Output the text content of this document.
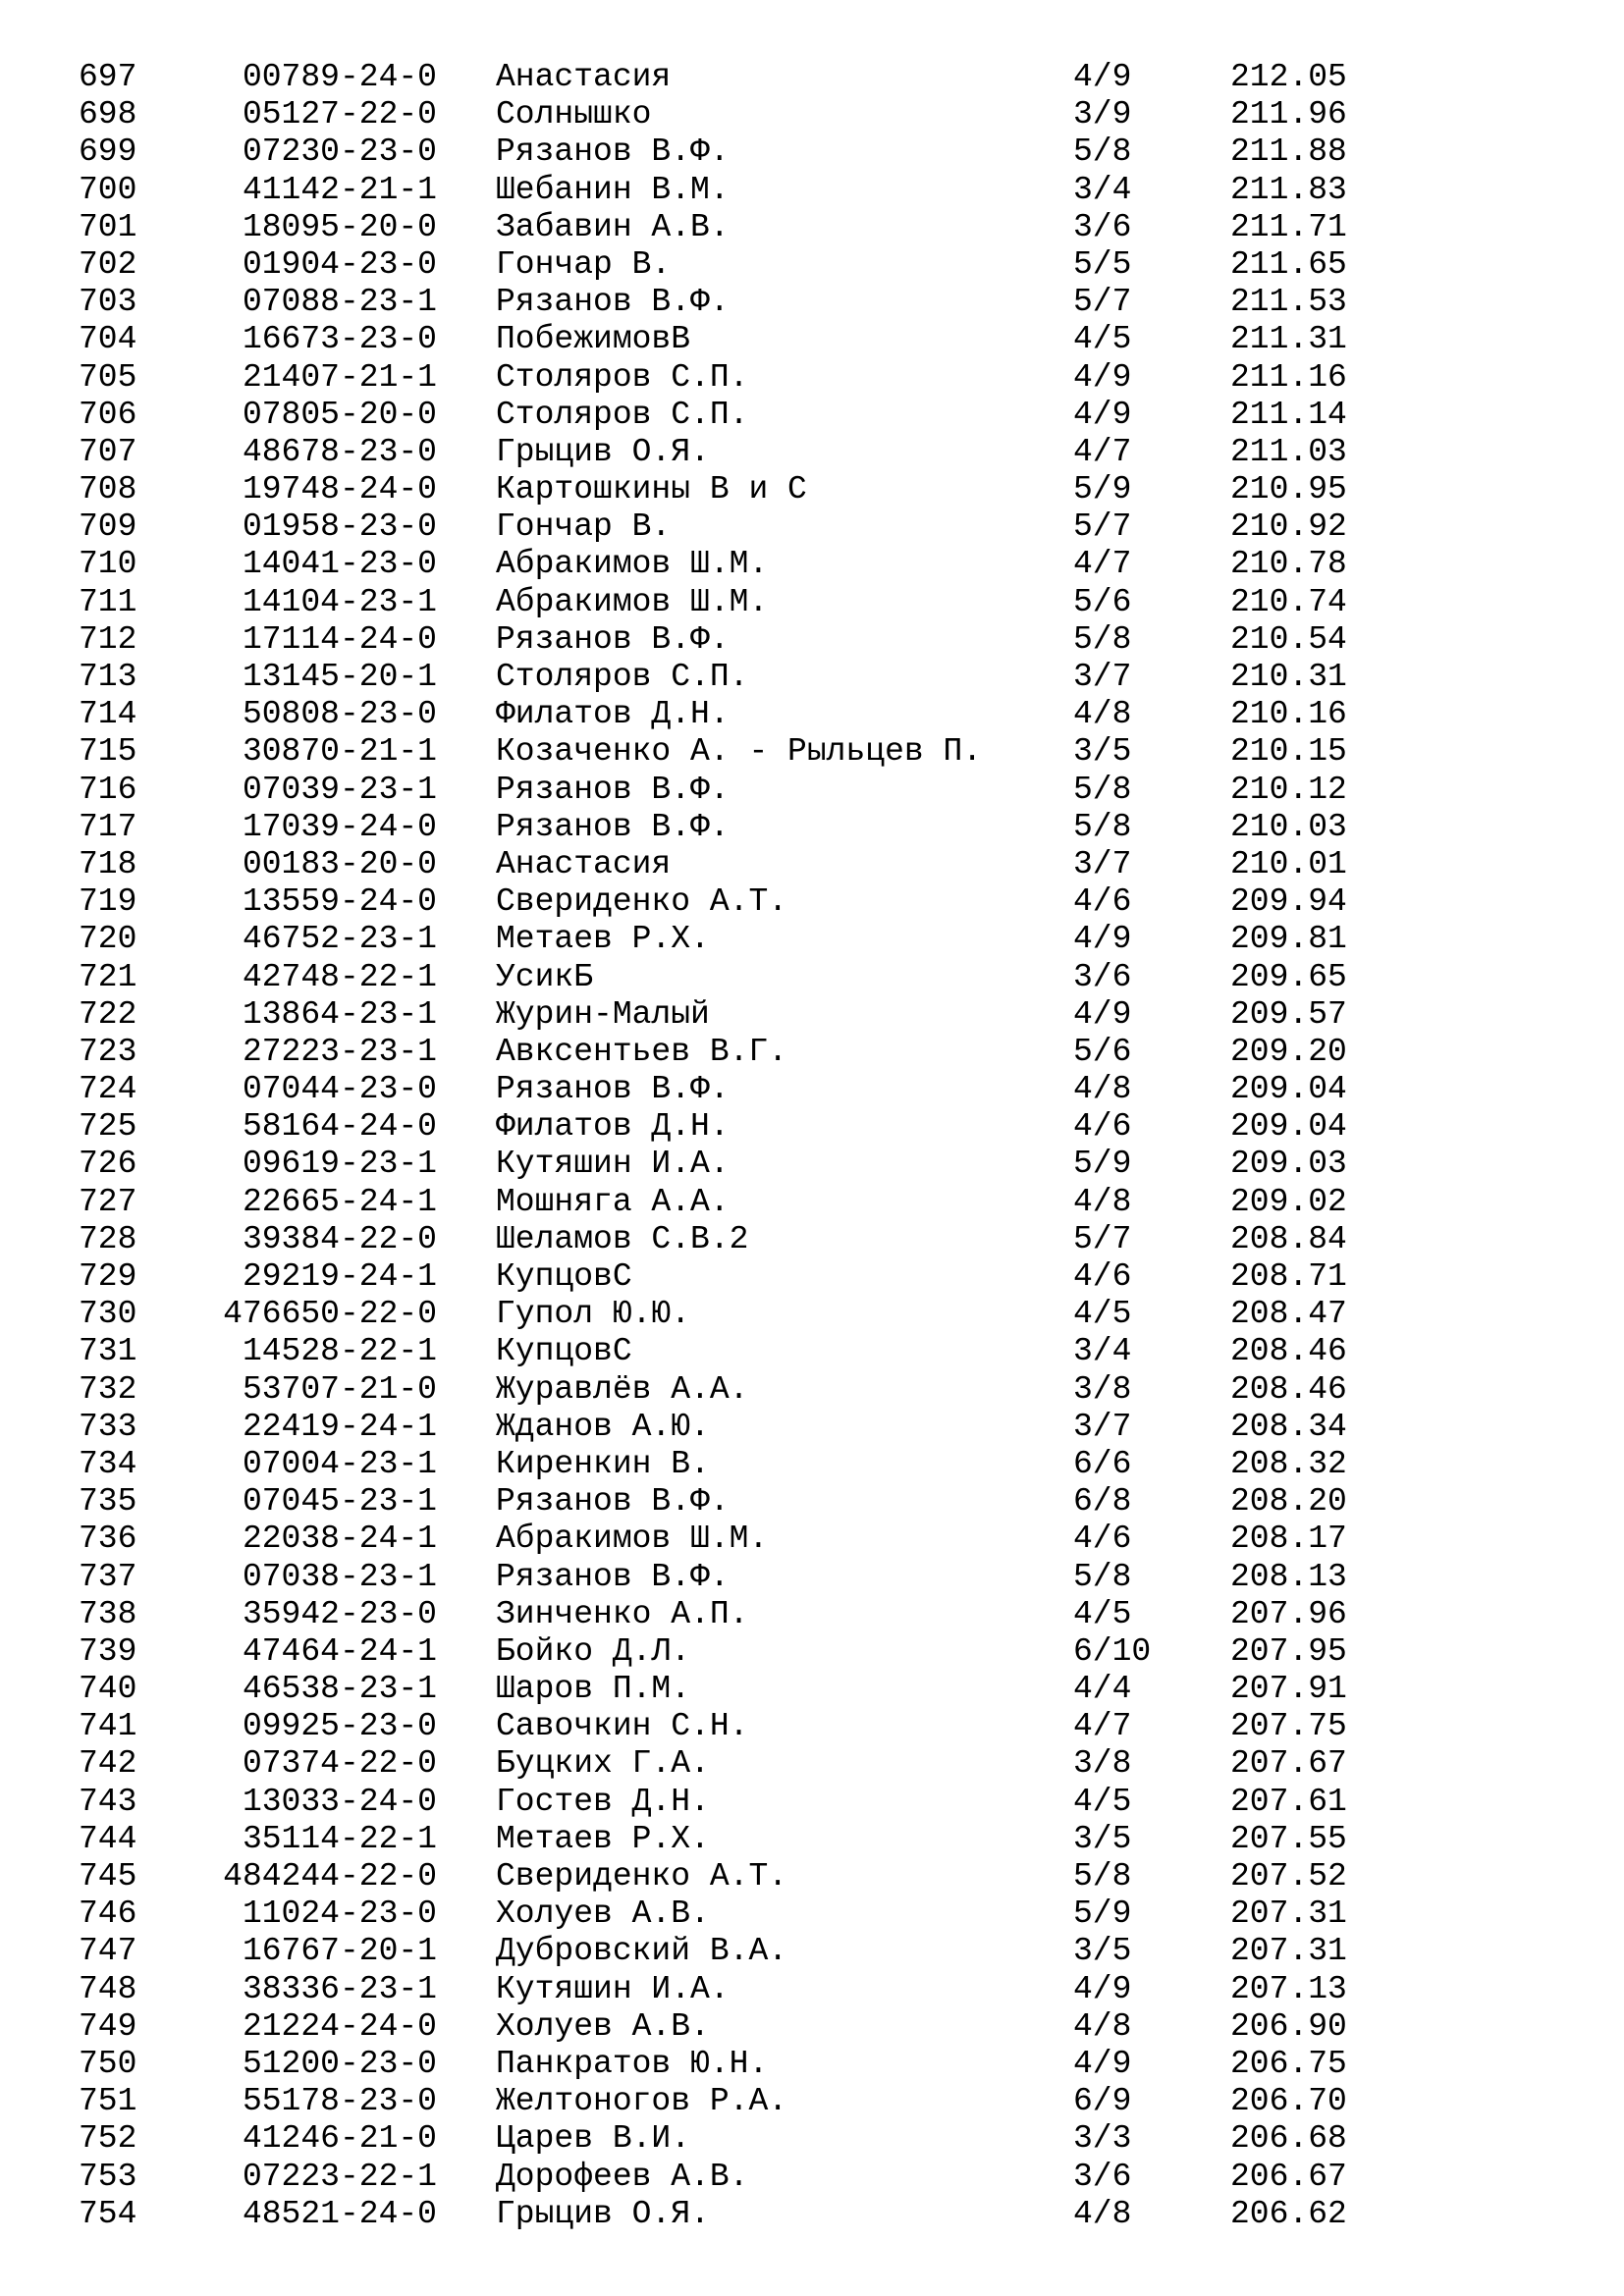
697	00789-24-0 Анастасия	4/9	212.05
698	05127-22-0 Солнышко	3/9	211.96
699	07230-23-0 Рязанов В.Ф.	5/8	211.88
700	41142-21-1 Шебанин В.М.	3/4	211.83
701	18095-20-0 Забавин А.В.	3/6	211.71
702	01904-23-0 Гончар В.	5/5	211.65
703	07088-23-1 Рязанов В.Ф.	5/7	211.53
704	16673-23-0 ПобежимовВ	4/5	211.31
705	21407-21-1 Столяров С.П.	4/9	211.16
706	07805-20-0 Столяров С.П.	4/9	211.14
707	48678-23-0 Грыцив О.Я.	4/7	211.03
708	19748-24-0 Картошкины В и С	5/9	210.95
709	01958-23-0 Гончар В.	5/7	210.92
710	14041-23-0 Абракимов Ш.М.	4/7	210.78
711	14104-23-1 Абракимов Ш.М.	5/6	210.74
712	17114-24-0 Рязанов В.Ф.	5/8	210.54
713	13145-20-1 Столяров С.П.	3/7	210.31
714	50808-23-0 Филатов Д.Н.	4/8	210.16
715	30870-21-1 Козаченко А. - Рыльцев П.	3/5	210.15
716	07039-23-1 Рязанов В.Ф.	5/8	210.12
717	17039-24-0 Рязанов В.Ф.	5/8	210.03
718	00183-20-0 Анастасия	3/7	210.01
719	13559-24-0 Свериденко А.Т.	4/6	209.94
720	46752-23-1 Метаев Р.Х.	4/9	209.81
721	42748-22-1 УсикБ	3/6	209.65
722	13864-23-1 Журин-Малый	4/9	209.57
723	27223-23-1 Авксентьев В.Г.	5/6	209.20
724	07044-23-0 Рязанов В.Ф.	4/8	209.04
725	58164-24-0 Филатов Д.Н.	4/6	209.04
726	09619-23-1 Кутяшин И.А.	5/9	209.03
727	22665-24-1 Мошняга А.А.	4/8	209.02
728	39384-22-0 Шеламов С.В.2	5/7	208.84
729	29219-24-1 КупцовС	4/6	208.71
730	476650-22-0 Гупол Ю.Ю.	4/5	208.47
731	14528-22-1 КупцовС	3/4	208.46
732	53707-21-0 Журавлёв А.А.	3/8	208.46
733	22419-24-1 Жданов А.Ю.	3/7	208.34
734	07004-23-1 Киренкин В.	6/6	208.32
735	07045-23-1 Рязанов В.Ф.	6/8	208.20
736	22038-24-1 Абракимов Ш.М.	4/6	208.17
737	07038-23-1 Рязанов В.Ф.	5/8	208.13
738	35942-23-0 Зинченко А.П.	4/5	207.96
739	47464-24-1 Бойко Д.Л.	6/10 207.95
740	46538-23-1 Шаров П.М.	4/4	207.91
741	09925-23-0 Савочкин С.Н.	4/7	207.75
742	07374-22-0 Буцких Г.А.	3/8	207.67
743	13033-24-0 Гостев Д.Н.	4/5	207.61
744	35114-22-1 Метаев Р.Х.	3/5	207.55
745	484244-22-0 Свериденко А.Т.	5/8	207.52
746	11024-23-0 Холуев А.В.	5/9	207.31
747	16767-20-1 Дубровский В.А.	3/5	207.31
748	38336-23-1 Кутяшин И.А.	4/9	207.13
749	21224-24-0 Холуев А.В.	4/8	206.90
750	51200-23-0 Панкратов Ю.Н.	4/9	206.75
751	55178-23-0 Желтоногов Р.А.	6/9	206.70
752	41246-21-0 Царев В.И.	3/3	206.68
753	07223-22-1 Дорофеев А.В.	3/6	206.67
754	48521-24-0 Грыцив О.Я.	4/8	206.62
